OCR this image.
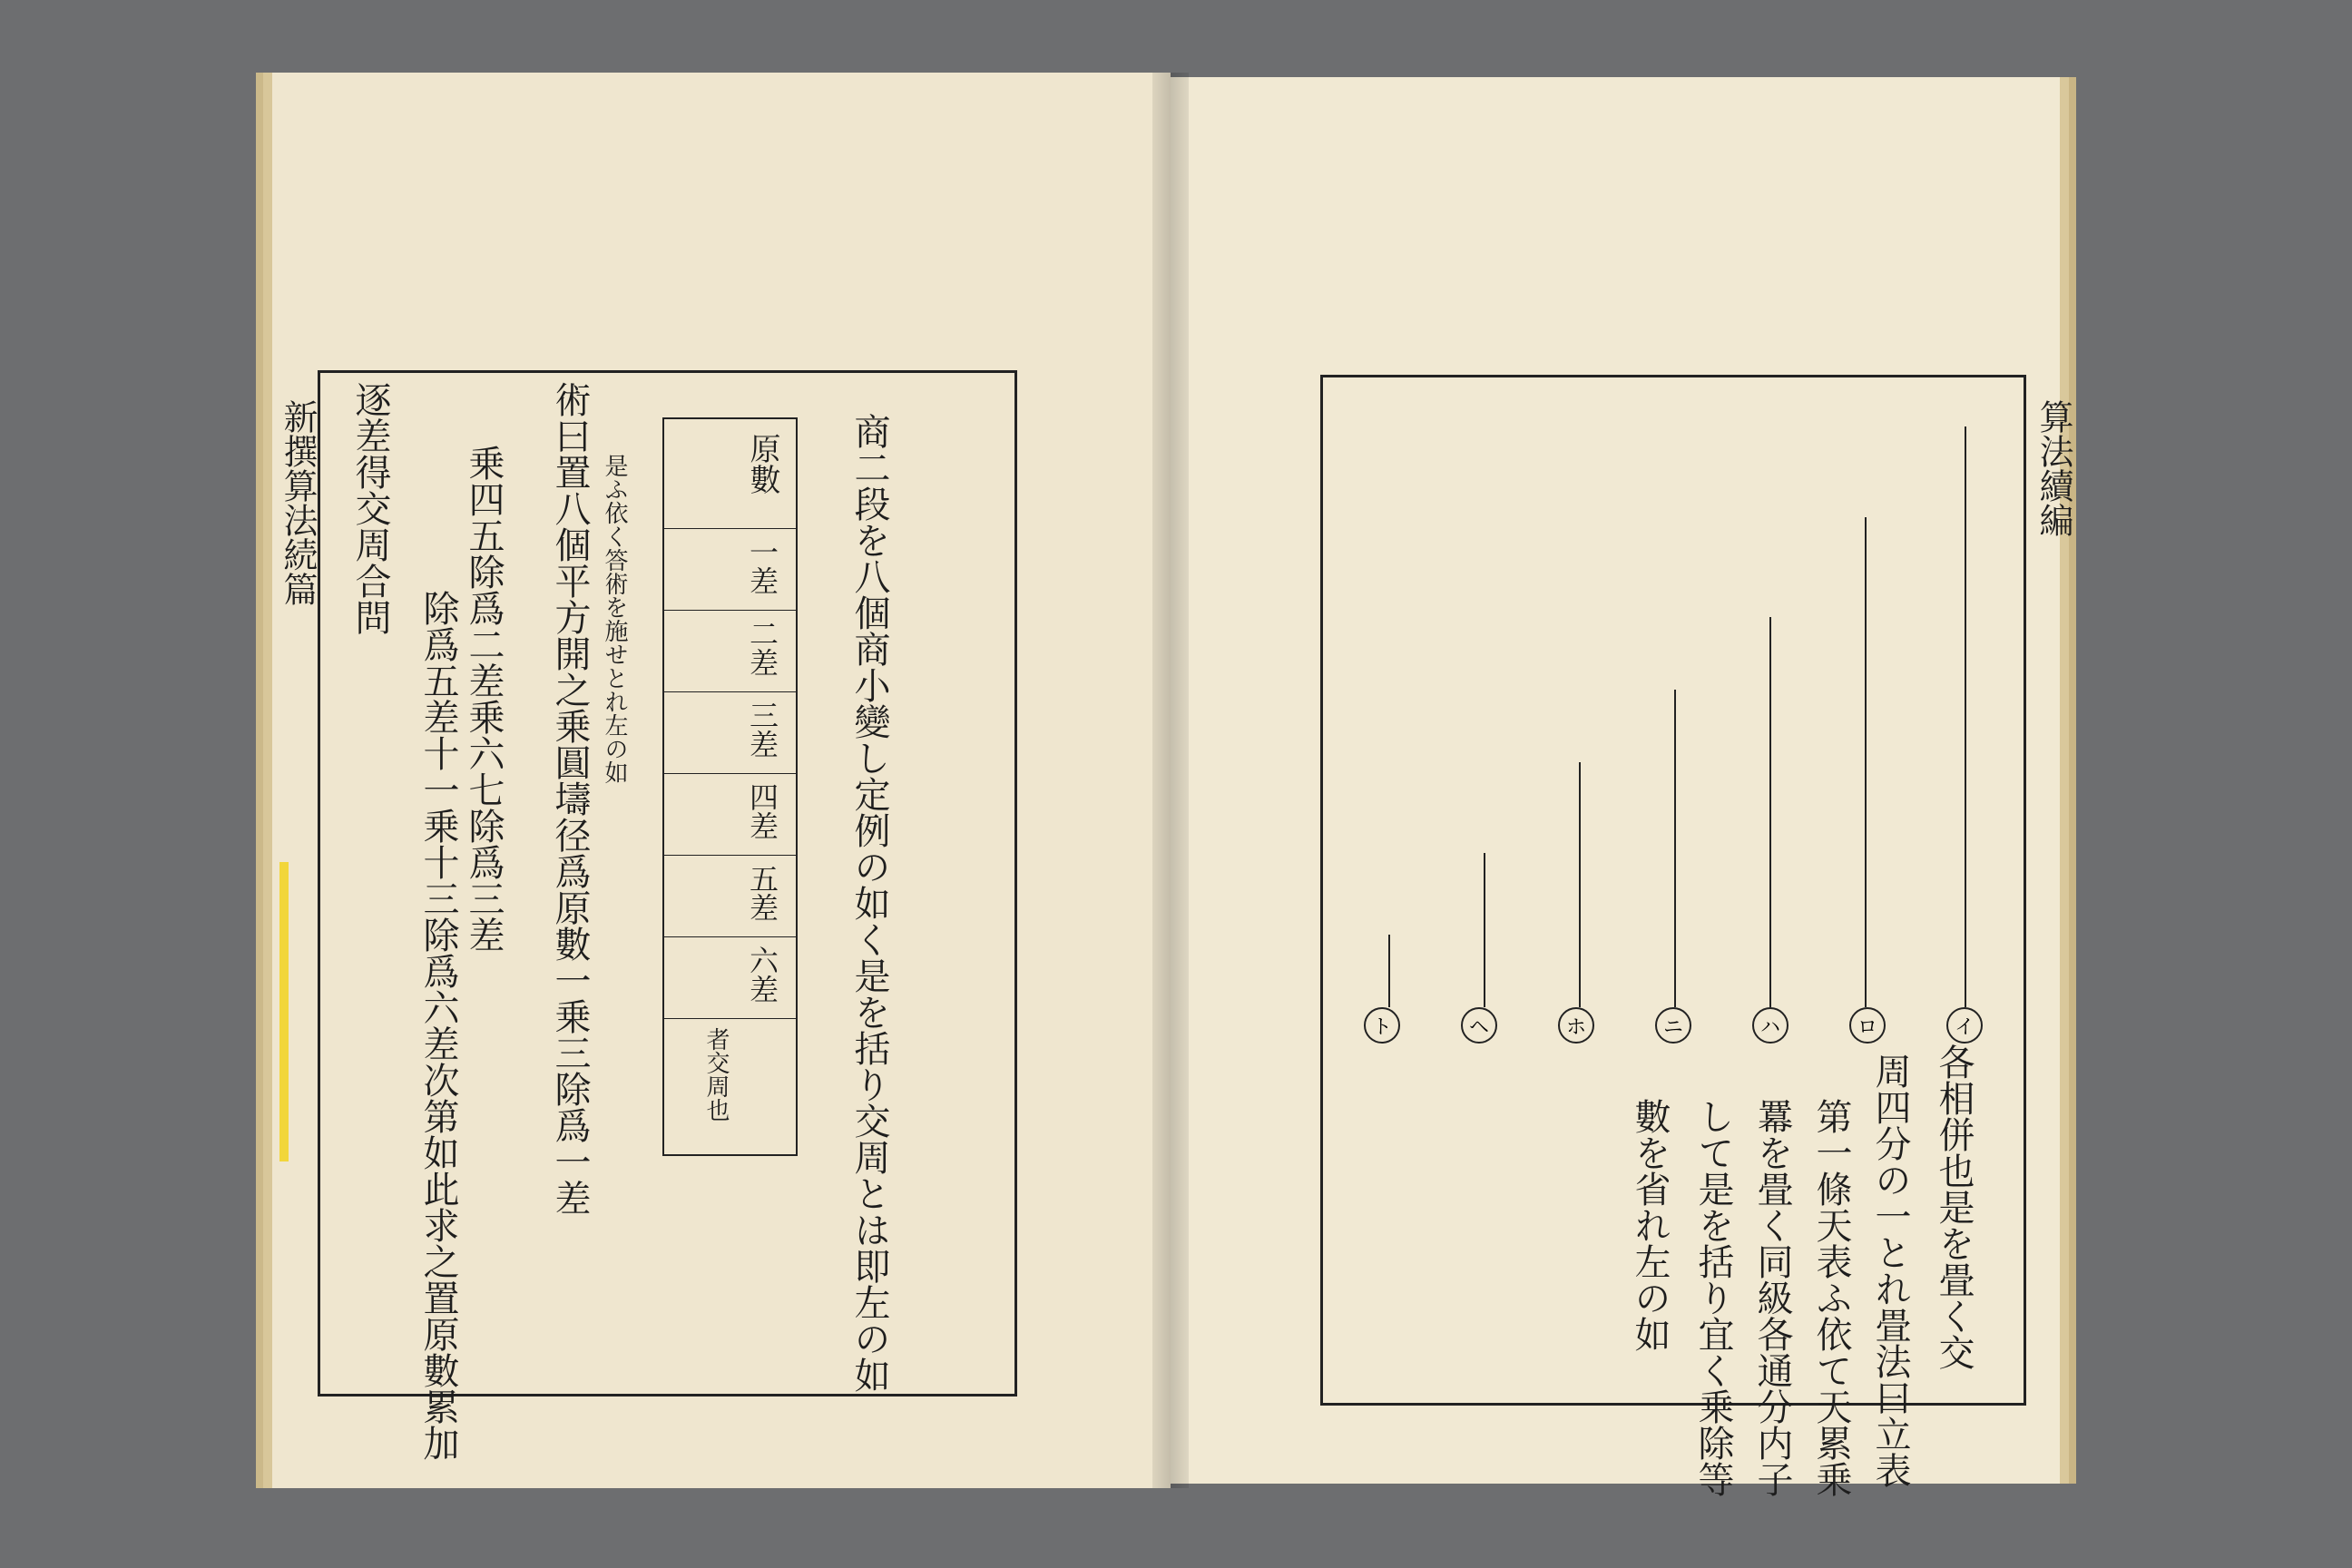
新撰算法続篇	商二段を八個商小變し定例の如く是を括り交周とは即左の如
術曰置八個平方開之乗圓壔径爲原數一乗三除爲一差
乗四五除爲二差乗六七除爲三差
除爲五差十一乗十三除爲六差次第如此求之置原數累加
逐差得交周合問	是ふ依く答術を施せとれ左の如	原數
一差
二差
三差
四差
五差
六差
者交周也
算法續編
各相併也是を畳く交
周四分の一とれ畳法曰立表
第一條天表ふ依て天累乗
羃を畳く同級各通分内子
して是を括り宜く乗除等
數を省れ左の如
イ
ロ
ハ
ニ
ホ
ヘ
ト
